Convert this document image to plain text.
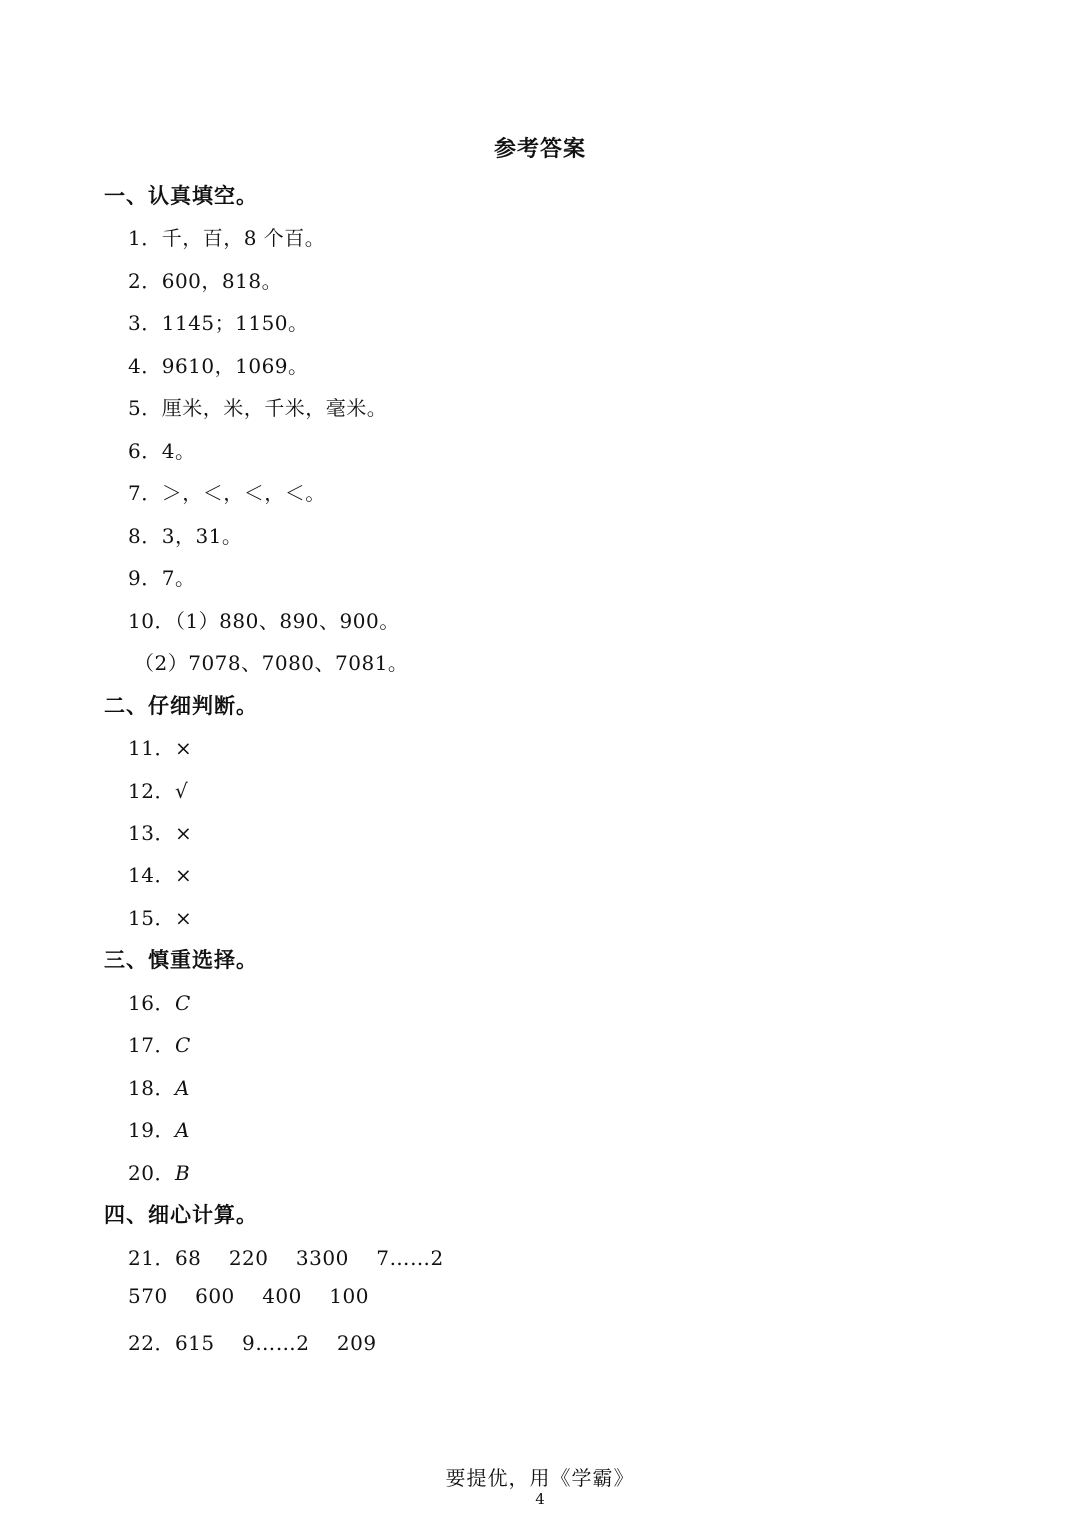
参考答案
一、认真填空。
1．千，百，8 个百。
2．600，818。
3．1145；1150。
4．9610，1069。
5．厘米，米，千米，毫米。
6．4。
7．＞，＜，＜，＜。
8．3，31。
9．7。
10．（1）880、890、900。
（2）7078、7080、7081。
二、仔细判断。
11．×
12．√
13．×
14．×
15．×
三、慎重选择。
16．C
17．C
18．A
19．A
20．B
四、细心计算。
21．68    220    3300    7……2
570    600    400    100
22．615    9……2    209
要提优，用《学霸》
4
